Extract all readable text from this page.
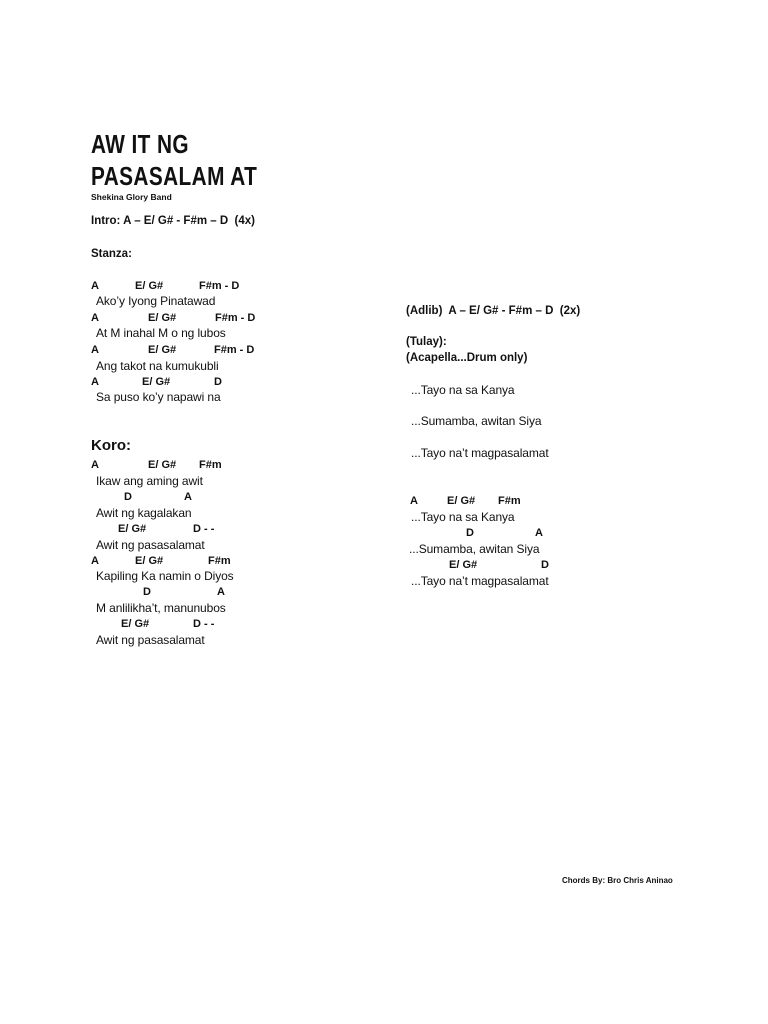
AW IT NG
PASASALAM AT
Shekina Glory Band
Intro: A – E/ G# - F#m – D  (4x)
Stanza:
A	E/ G#	F#m - D
Ako’y Iyong Pinatawad
A	E/ G#	F#m - D
At M inahal M o ng lubos
A	E/ G#	F#m - D
Ang takot na kumukubli
A	E/ G#	D
Sa puso ko’y napawi na
Koro:
A	E/ G# F#m
Ikaw ang aming awit
D	A
Awit ng kagalakan
E/ G#	D - -
Awit ng pasasalamat
A	E/ G#	F#m
Kapiling Ka namin o Diyos
D	A
M anlilikha’t, manunubos
E/ G#	D - -
Awit ng pasasalamat
(Adlib)  A – E/ G# - F#m – D  (2x)
(Tulay):
(Acapella...Drum only)
...Tayo na sa Kanya
...Sumamba, awitan Siya
...Tayo na’t magpasalamat
A	E/ G# F#m
...Tayo na sa Kanya
D	A
...Sumamba, awitan Siya
E/ G#	D
...Tayo na’t magpasalamat
Chords By: Bro Chris Aninao
